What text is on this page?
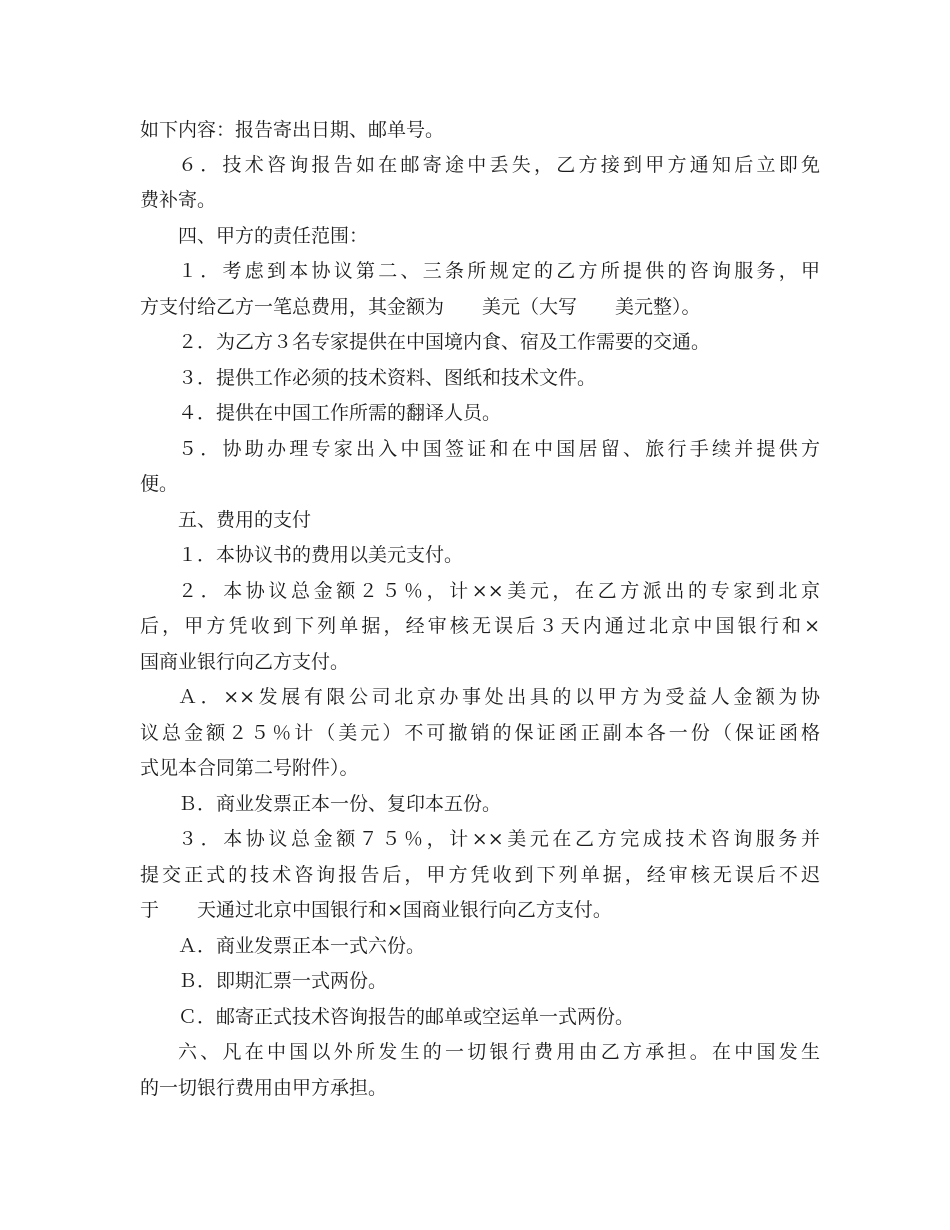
如下内容：报告寄出日期、邮单号。
６．技术咨询报告如在邮寄途中丢失，乙方接到甲方通知后立即免
费补寄。
四、甲方的责任范围：
１．考虑到本协议第二、三条所规定的乙方所提供的咨询服务，甲
方支付给乙方一笔总费用，其金额为　　美元（大写　　美元整）。
２．为乙方３名专家提供在中国境内食、宿及工作需要的交通。
３．提供工作必须的技术资料、图纸和技术文件。
４．提供在中国工作所需的翻译人员。
５．协助办理专家出入中国签证和在中国居留、旅行手续并提供方
便。
五、费用的支付
１．本协议书的费用以美元支付。
２．本协议总金额２５％，计××美元，在乙方派出的专家到北京
后，甲方凭收到下列单据，经审核无误后３天内通过北京中国银行和×
国商业银行向乙方支付。
Ａ．××发展有限公司北京办事处出具的以甲方为受益人金额为协
议总金额２５％计（美元）不可撤销的保证函正副本各一份（保证函格
式见本合同第二号附件）。
Ｂ．商业发票正本一份、复印本五份。
３．本协议总金额７５％，计××美元在乙方完成技术咨询服务并
提交正式的技术咨询报告后，甲方凭收到下列单据，经审核无误后不迟
于　　天通过北京中国银行和×国商业银行向乙方支付。
Ａ．商业发票正本一式六份。
Ｂ．即期汇票一式两份。
Ｃ．邮寄正式技术咨询报告的邮单或空运单一式两份。
六、凡在中国以外所发生的一切银行费用由乙方承担。在中国发生
的一切银行费用由甲方承担。
